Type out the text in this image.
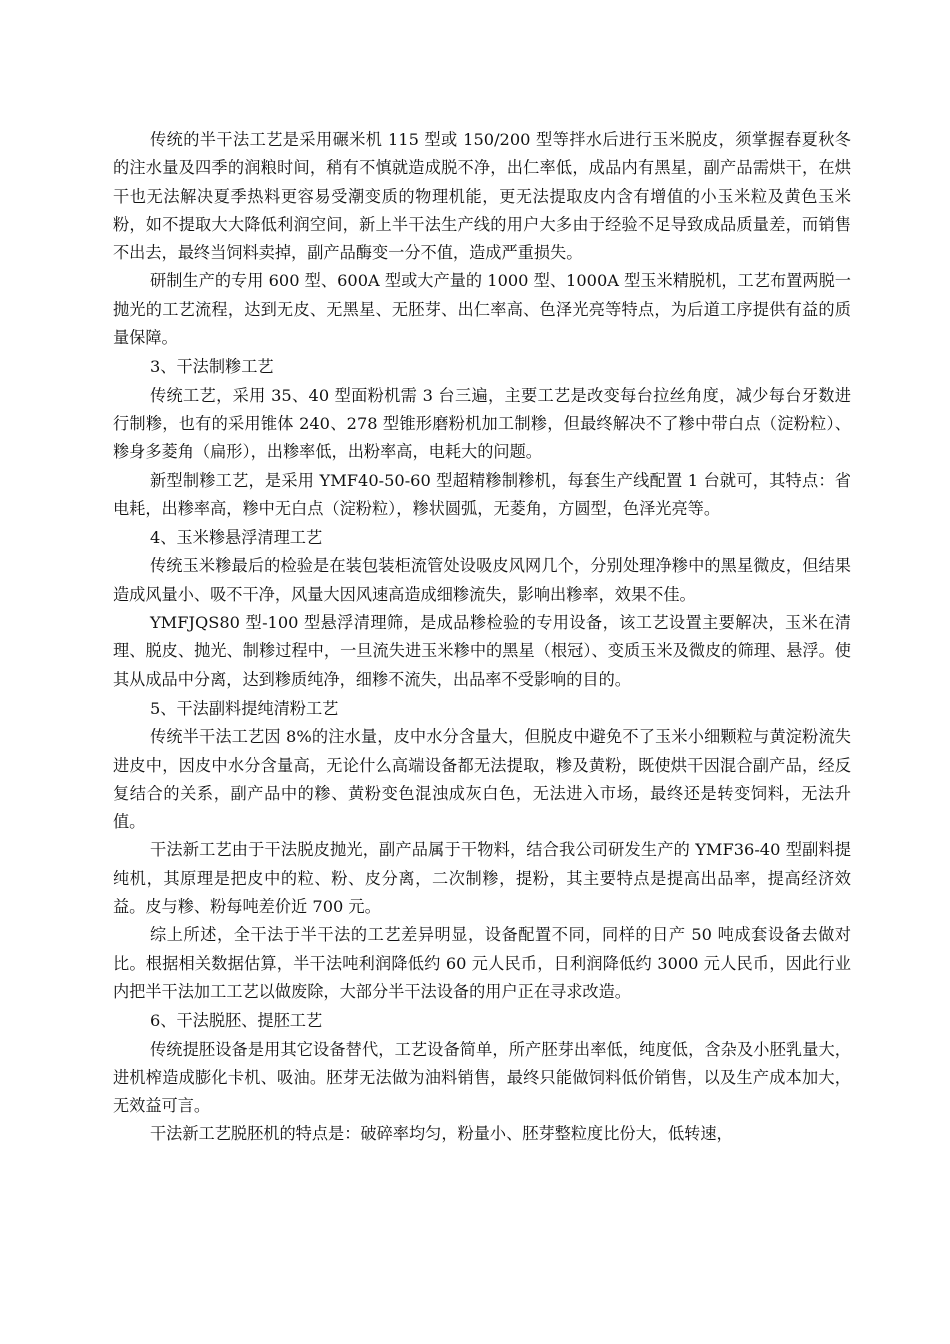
传统的半干法工艺是采用碾米机 115 型或 150/200 型等拌水后进行玉米脱皮，须掌握春夏秋冬的注水量及四季的润粮时间，稍有不慎就造成脱不净，出仁率低，成品内有黑星，副产品需烘干，在烘干也无法解决夏季热料更容易受潮变质的物理机能，更无法提取皮内含有增值的小玉米粒及黄色玉米粉，如不提取大大降低利润空间，新上半干法生产线的用户大多由于经验不足导致成品质量差，而销售不出去，最终当饲料卖掉，副产品酶变一分不值，造成严重损失。

研制生产的专用 600 型、600A 型或大产量的 1000 型、1000A 型玉米精脱机，工艺布置两脱一抛光的工艺流程，达到无皮、无黑星、无胚芽、出仁率高、色泽光亮等特点，为后道工序提供有益的质量保障。

3、干法制糁工艺

传统工艺，采用 35、40 型面粉机需 3 台三遍，主要工艺是改变每台拉丝角度，减少每台牙数进行制糁，也有的采用锥体 240、278 型锥形磨粉机加工制糁，但最终解决不了糁中带白点（淀粉粒）、糁身多菱角（扁形），出糁率低，出粉率高，电耗大的问题。

新型制糁工艺，是采用 YMF40-50-60 型超精糁制糁机，每套生产线配置 1 台就可，其特点：省电耗，出糁率高，糁中无白点（淀粉粒），糁状圆弧，无菱角，方圆型，色泽光亮等。

4、玉米糁悬浮清理工艺

传统玉米糁最后的检验是在装包装柜流管处设吸皮风网几个，分别处理净糁中的黑星微皮，但结果造成风量小、吸不干净，风量大因风速高造成细糁流失，影响出糁率，效果不佳。

YMFJQS80 型-100 型悬浮清理筛，是成品糁检验的专用设备，该工艺设置主要解决，玉米在清理、脱皮、抛光、制糁过程中，一旦流失进玉米糁中的黑星（根冠）、变质玉米及微皮的筛理、悬浮。使其从成品中分离，达到糁质纯净，细糁不流失，出品率不受影响的目的。

5、干法副料提纯清粉工艺

传统半干法工艺因 8%的注水量，皮中水分含量大，但脱皮中避免不了玉米小细颗粒与黄淀粉流失进皮中，因皮中水分含量高，无论什么高端设备都无法提取，糁及黄粉，既使烘干因混合副产品，经反复结合的关系，副产品中的糁、黄粉变色混浊成灰白色，无法进入市场，最终还是转变饲料，无法升值。

干法新工艺由于干法脱皮抛光，副产品属于干物料，结合我公司研发生产的 YMF36-40 型副料提纯机，其原理是把皮中的粒、粉、皮分离，二次制糁，提粉，其主要特点是提高出品率，提高经济效益。皮与糁、粉每吨差价近 700 元。

综上所述，全干法于半干法的工艺差异明显，设备配置不同，同样的日产 50 吨成套设备去做对比。根据相关数据估算，半干法吨利润降低约 60 元人民币，日利润降低约 3000 元人民币，因此行业内把半干法加工工艺以做废除，大部分半干法设备的用户正在寻求改造。

6、干法脱胚、提胚工艺

传统提胚设备是用其它设备替代，工艺设备简单，所产胚芽出率低，纯度低，含杂及小胚乳量大，进机榨造成膨化卡机、吸油。胚芽无法做为油料销售，最终只能做饲料低价销售，以及生产成本加大，无效益可言。

干法新工艺脱胚机的特点是：破碎率均匀，粉量小、胚芽整粒度比份大，低转速，
